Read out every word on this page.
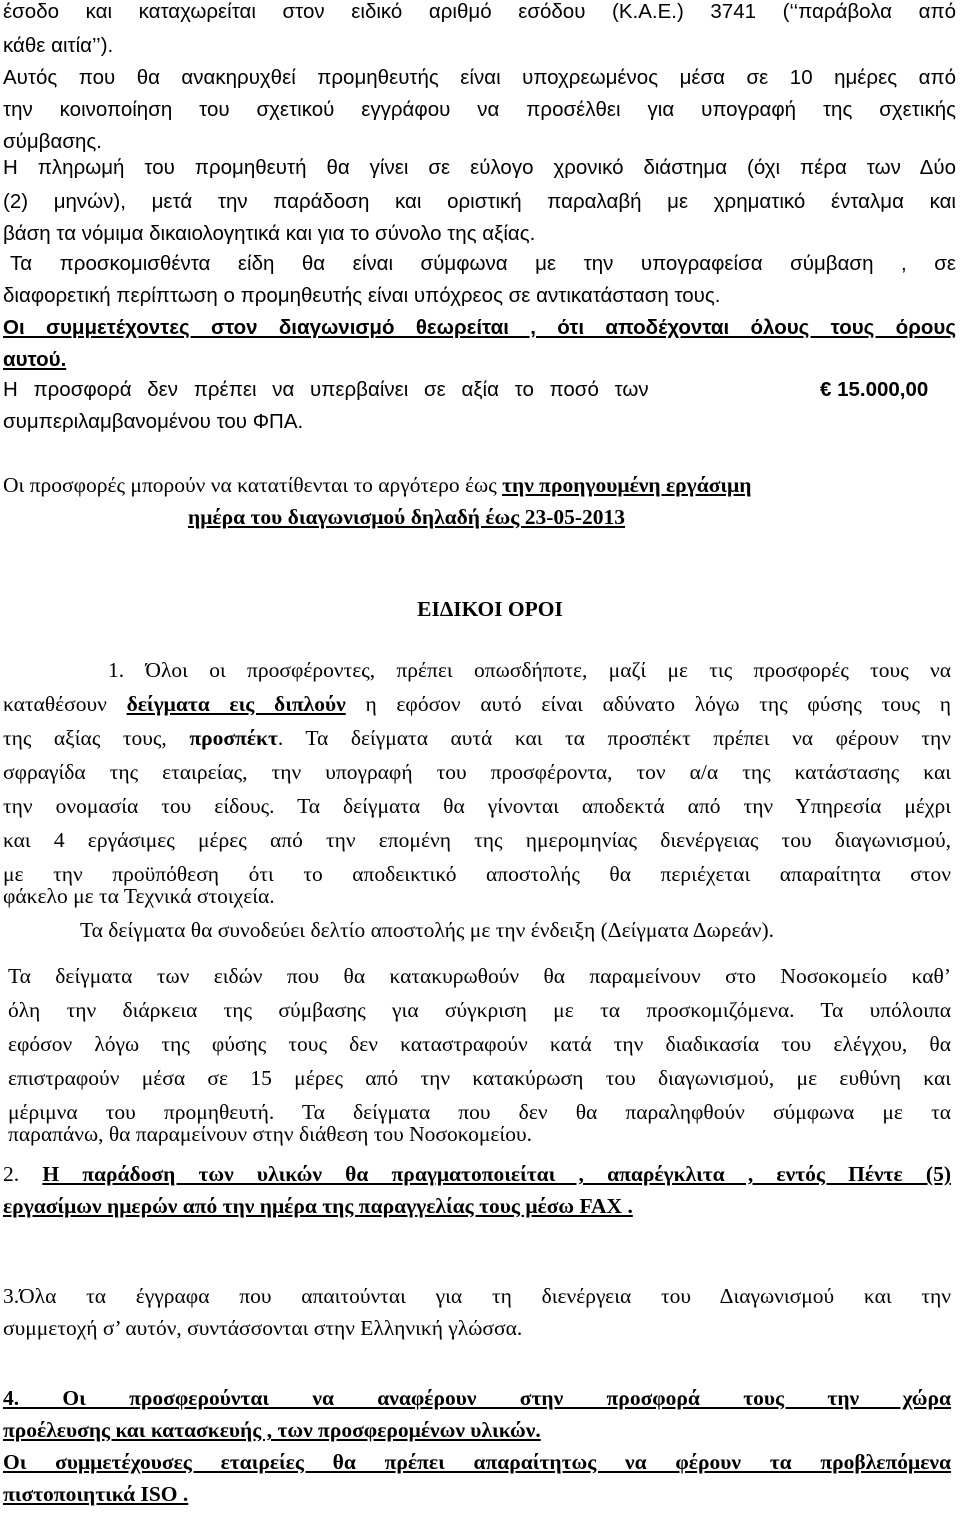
έσοδο και καταχωρείται στον ειδικό αριθμό εσόδου (Κ.Α.Ε.) 3741 (‘‘παράβολα από
κάθε αιτία’’).
Αυτός που θα ανακηρυχθεί προμηθευτής είναι υποχρεωμένος μέσα σε 10 ημέρες από
την κοινοποίηση του σχετικού εγγράφου να προσέλθει για υπογραφή της σχετικής
σύμβασης.
Η πληρωμή του προμηθευτή θα γίνει σε εύλογο χρονικό διάστημα (όχι πέρα των Δύο
(2) μηνών), μετά την παράδοση και οριστική παραλαβή με χρηματικό ένταλμα και
βάση τα νόμιμα δικαιολογητικά και για το σύνολο της αξίας.
Τα προσκομισθέντα είδη θα είναι σύμφωνα με την υπογραφείσα σύμβαση , σε
διαφορετική περίπτωση ο προμηθευτής είναι υπόχρεος σε αντικατάσταση τους.
Οι συμμετέχοντες στον διαγωνισμό θεωρείται , ότι αποδέχονται όλους τους όρους
αυτού.
Η προσφορά δεν πρέπει να υπερβαίνει σε αξία το ποσό των	€ 15.000,00
συμπεριλαμβανομένου του ΦΠΑ.
Οι προσφορές μπορούν να κατατίθενται το αργότερο έως την προηγουμένη εργάσιμη
ημέρα του διαγωνισμού δηλαδή έως 23-05-2013
ΕΙΔΙΚΟΙ ΟΡΟΙ
1. Όλοι οι προσφέροντες, πρέπει οπωσδήποτε, μαζί με τις προσφορές τους να
καταθέσουν δείγματα εις διπλούν η εφόσον αυτό είναι αδύνατο λόγω της φύσης τους η
της αξίας τους, προσπέκτ. Τα δείγματα αυτά και τα προσπέκτ πρέπει να φέρουν την
σφραγίδα της εταιρείας, την υπογραφή του προσφέροντα, τον α/α της κατάστασης και
την ονομασία του είδους. Τα δείγματα θα γίνονται αποδεκτά από την Υπηρεσία μέχρι
και 4 εργάσιμες μέρες από την επομένη της ημερομηνίας διενέργειας του διαγωνισμού,
με την προϋπόθεση ότι το αποδεικτικό αποστολής θα περιέχεται απαραίτητα στον
φάκελο με τα Τεχνικά στοιχεία.
Τα δείγματα θα συνοδεύει δελτίο αποστολής με την ένδειξη (Δείγματα Δωρεάν).
Τα δείγματα των ειδών που θα κατακυρωθούν θα παραμείνουν στο Νοσοκομείο καθ’
όλη την διάρκεια της σύμβασης για σύγκριση με τα προσκομιζόμενα. Τα υπόλοιπα
εφόσον λόγω της φύσης τους δεν καταστραφούν κατά την διαδικασία του ελέγχου, θα
επιστραφούν μέσα σε 15 μέρες από την κατακύρωση του διαγωνισμού, με ευθύνη και
μέριμνα του προμηθευτή. Τα δείγματα που δεν θα παραληφθούν σύμφωνα με τα
παραπάνω, θα παραμείνουν στην διάθεση του Νοσοκομείου.
2. Η παράδοση των υλικών θα πραγματοποιείται , απαρέγκλιτα , εντός Πέντε (5)
εργασίμων ημερών από την ημέρα της παραγγελίας τους μέσω FAX .
3.Όλα τα έγγραφα που απαιτούνται για τη διενέργεια του Διαγωνισμού και την
συμμετοχή σ’ αυτόν, συντάσσονται στην Ελληνική γλώσσα.
4. Οι προσφερούνται να αναφέρουν στην προσφορά τους την χώρα
προέλευσης και κατασκευής , των προσφερομένων υλικών.
Οι συμμετέχουσες εταιρείες θα πρέπει απαραίτητως να φέρουν τα προβλεπόμενα
πιστοποιητικά ISO .
